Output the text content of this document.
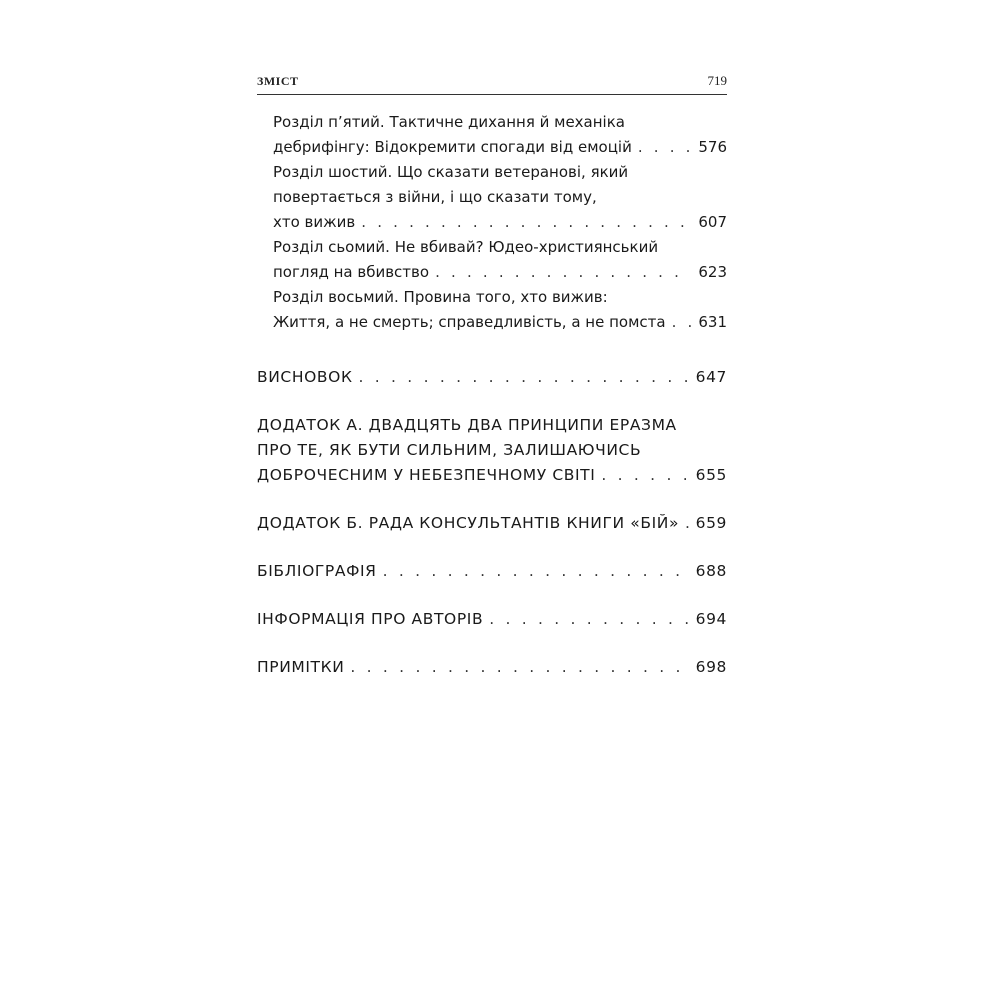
ЗМІСТ	719
Розділ п’ятий. Тактичне дихання й механіка
дебрифінгу: Відокремити спогади від емоцій . . .	576
Розділ шостий. Що сказати ветеранові, який
повертається з війни, і що сказати тому,
хто вижив . . .	607
Розділ сьомий. Не вбивай? Юдео-християнський
погляд на вбивство . . .	623
Розділ восьмий. Провина того, хто вижив:
Життя, а не смерть; справедливість, а не помста . . . 631
ВИСНОВОК . . .	647
ДОДАТОК А. ДВАДЦЯТЬ ДВА ПРИНЦИПИ ЕРАЗМА
ПРО ТЕ, ЯК БУТИ СИЛЬНИМ, ЗАЛИШАЮЧИСЬ
ДОБРОЧЕСНИМ У НЕБЕЗПЕЧНОМУ СВІТІ . . .	655
ДОДАТОК Б. РАДА КОНСУЛЬТАНТІВ КНИГИ «БІЙ» . . . 659
БІБЛІОГРАФІЯ . . .	688
ІНФОРМАЦІЯ ПРО АВТОРІВ . . .	694
ПРИМІТКИ . . .	698
